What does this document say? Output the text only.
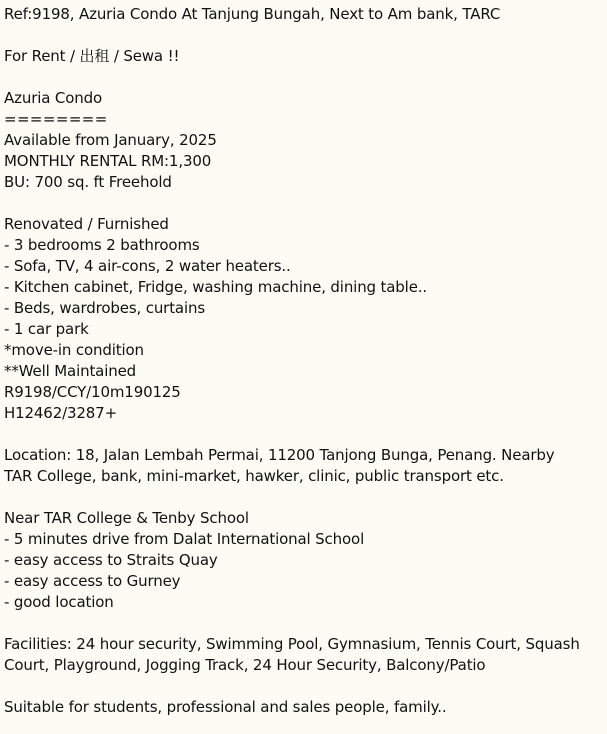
Ref:9198, Azuria Condo At Tanjung Bungah, Next to Am bank, TARC
For Rent / 出租 / Sewa !!
Azuria Condo
========
Available from January, 2025
MONTHLY RENTAL RM:1,300
BU: 700 sq. ft Freehold
Renovated / Furnished
- 3 bedrooms 2 bathrooms
- Sofa, TV, 4 air-cons, 2 water heaters..
- Kitchen cabinet, Fridge, washing machine, dining table..
- Beds, wardrobes, curtains
- 1 car park
*move-in condition
**Well Maintained
R9198/CCY/10m190125
H12462/3287+
Location: 18, Jalan Lembah Permai, 11200 Tanjong Bunga, Penang. Nearby
TAR College, bank, mini-market, hawker, clinic, public transport etc.
Near TAR College & Tenby School
- 5 minutes drive from Dalat International School
- easy access to Straits Quay
- easy access to Gurney
- good location
Facilities: 24 hour security, Swimming Pool, Gymnasium, Tennis Court, Squash
Court, Playground, Jogging Track, 24 Hour Security, Balcony/Patio
Suitable for students, professional and sales people, family..
